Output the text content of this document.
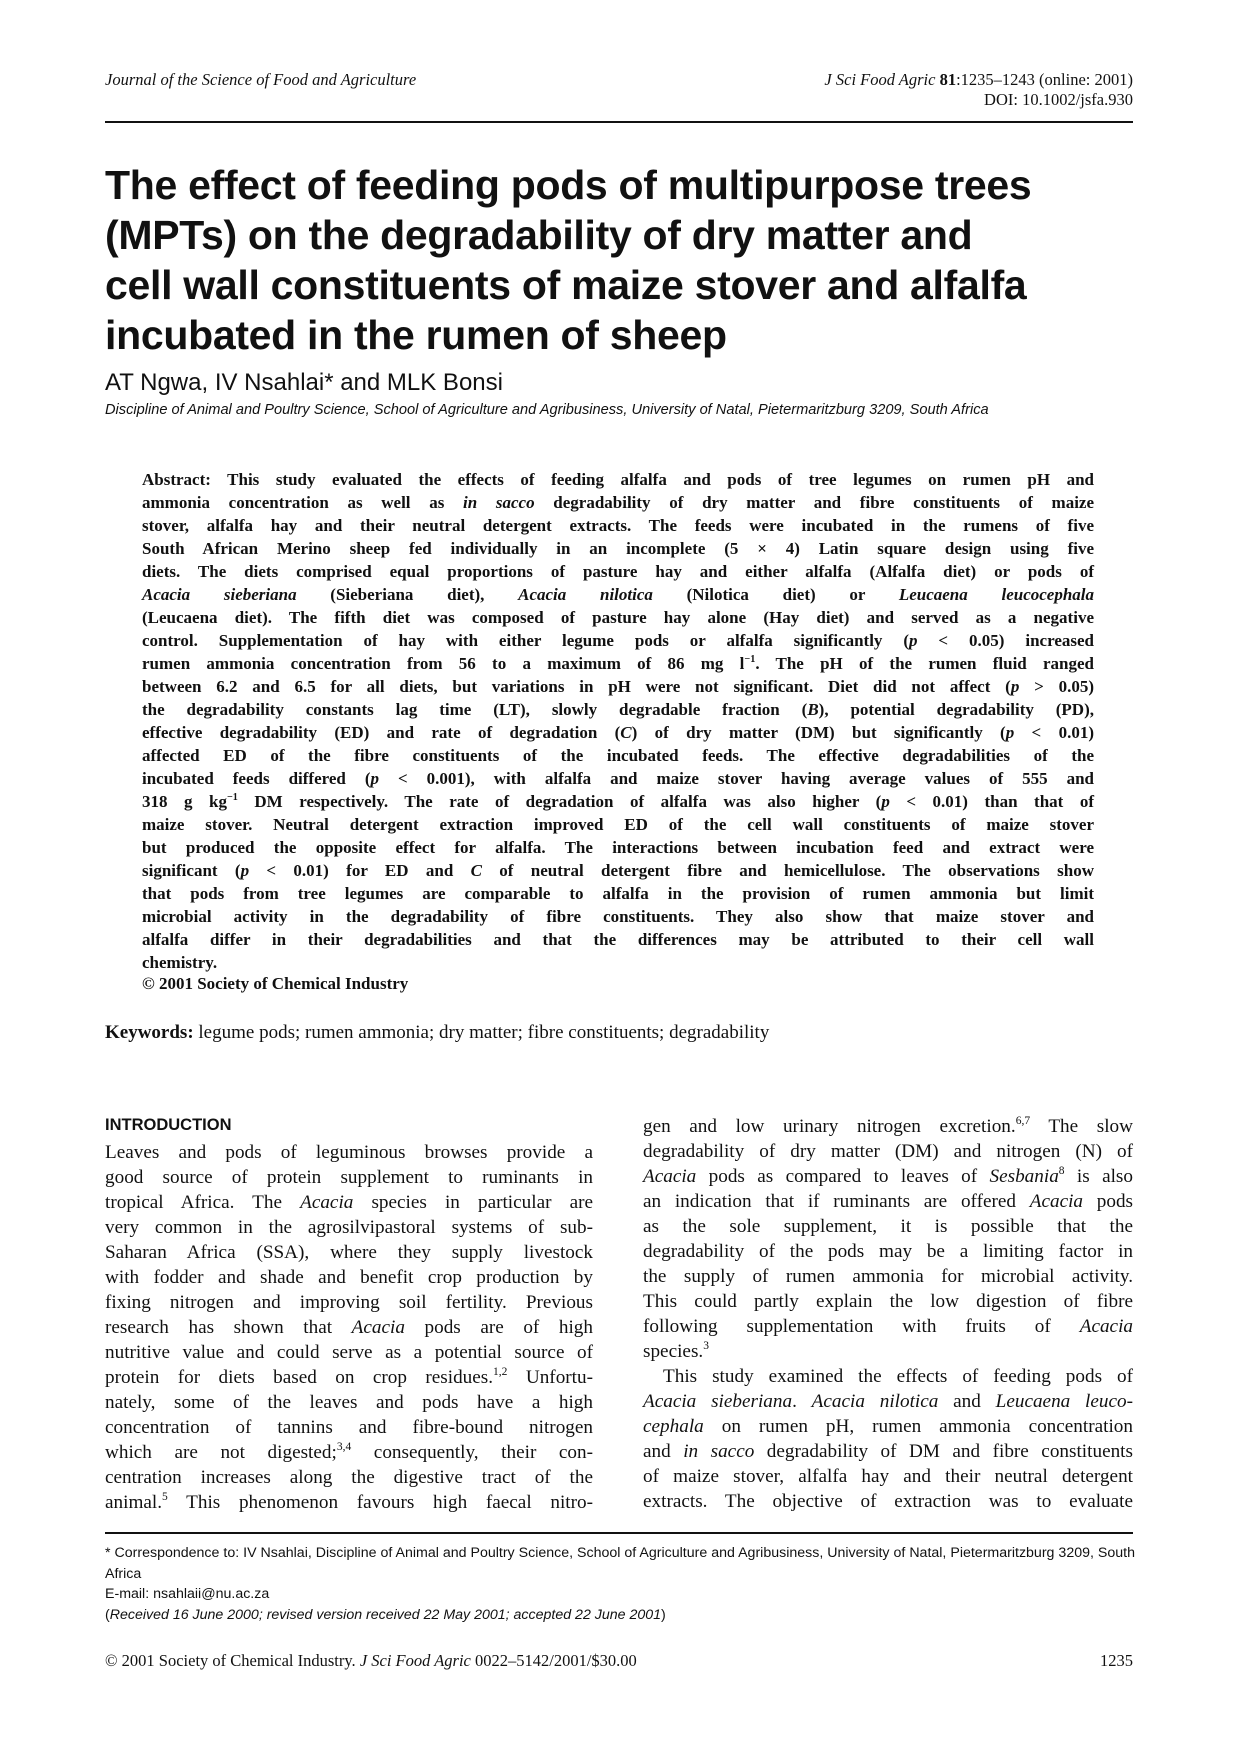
Journal of the Science of Food and Agriculture	J Sci Food Agric 81:1235–1243 (online: 2001)
DOI: 10.1002/jsfa.930
The effect of feeding pods of multipurpose trees
(MPTs) on the degradability of dry matter and
cell wall constituents of maize stover and alfalfa
incubated in the rumen of sheep
AT Ngwa, IV Nsahlai* and MLK Bonsi
Discipline of Animal and Poultry Science, School of Agriculture and Agribusiness, University of Natal, Pietermaritzburg 3209, South Africa
Abstract: This study evaluated the effects of feeding alfalfa and pods of tree legumes on rumen pH and
ammonia concentration as well as in sacco degradability of dry matter and fibre constituents of maize
stover, alfalfa hay and their neutral detergent extracts. The feeds were incubated in the rumens of five
South African Merino sheep fed individually in an incomplete (5 × 4) Latin square design using five
diets. The diets comprised equal proportions of pasture hay and either alfalfa (Alfalfa diet) or pods of
Acacia sieberiana (Sieberiana diet), Acacia nilotica (Nilotica diet) or Leucaena leucocephala
(Leucaena diet). The fifth diet was composed of pasture hay alone (Hay diet) and served as a negative
control. Supplementation of hay with either legume pods or alfalfa significantly (p < 0.05) increased
rumen ammonia concentration from 56 to a maximum of 86 mg $l^{-1}$. The pH of the rumen fluid ranged
between 6.2 and 6.5 for all diets, but variations in pH were not significant. Diet did not affect (p > 0.05)
the degradability constants lag time (LT), slowly degradable fraction (B), potential degradability (PD),
effective degradability (ED) and rate of degradation (C) of dry matter (DM) but significantly (p < 0.01)
affected ED of the fibre constituents of the incubated feeds. The effective degradabilities of the
incubated feeds differed (p < 0.001), with alfalfa and maize stover having average values of 555 and
318 g $kg^{-1}$ DM respectively. The rate of degradation of alfalfa was also higher (p < 0.01) than that of
maize stover. Neutral detergent extraction improved ED of the cell wall constituents of maize stover
but produced the opposite effect for alfalfa. The interactions between incubation feed and extract were
significant (p < 0.01) for ED and C of neutral detergent fibre and hemicellulose. The observations show
that pods from tree legumes are comparable to alfalfa in the provision of rumen ammonia but limit
microbial activity in the degradability of fibre constituents. They also show that maize stover and
alfalfa differ in their degradabilities and that the differences may be attributed to their cell wall
chemistry.
© 2001 Society of Chemical Industry
Keywords: legume pods; rumen ammonia; dry matter; fibre constituents; degradability
INTRODUCTION
Leaves and pods of leguminous browses provide a
good source of protein supplement to ruminants in
tropical Africa. The Acacia species in particular are
very common in the agrosilvipastoral systems of sub-
Saharan Africa (SSA), where they supply livestock
with fodder and shade and benefit crop production by
fixing nitrogen and improving soil fertility. Previous
research has shown that Acacia pods are of high
nutritive value and could serve as a potential source of
protein for diets based on crop residues.$^{1,2}$ Unfortu-
nately, some of the leaves and pods have a high
concentration of tannins and fibre-bound nitrogen
which are not digested;$^{3,4}$ consequently, their con-
centration increases along the digestive tract of the
animal.$^5$ This phenomenon favours high faecal nitro-
gen and low urinary nitrogen excretion.$^{6,7}$ The slow
degradability of dry matter (DM) and nitrogen (N) of
Acacia pods as compared to leaves of Sesbania$^8$ is also
an indication that if ruminants are offered Acacia pods
as the sole supplement, it is possible that the
degradability of the pods may be a limiting factor in
the supply of rumen ammonia for microbial activity.
This could partly explain the low digestion of fibre
following supplementation with fruits of Acacia
species.$^3$
This study examined the effects of feeding pods of
Acacia sieberiana. Acacia nilotica and Leucaena leuco-
cephala on rumen pH, rumen ammonia concentration
and in sacco degradability of DM and fibre constituents
of maize stover, alfalfa hay and their neutral detergent
extracts. The objective of extraction was to evaluate
* Correspondence to: IV Nsahlai, Discipline of Animal and Poultry Science, School of Agriculture and Agribusiness, University of Natal, Pietermaritzburg 3209, South Africa
E-mail: nsahlaii@nu.ac.za
(Received 16 June 2000; revised version received 22 May 2001; accepted 22 June 2001)
© 2001 Society of Chemical Industry. J Sci Food Agric 0022–5142/2001/$30.00	1235
